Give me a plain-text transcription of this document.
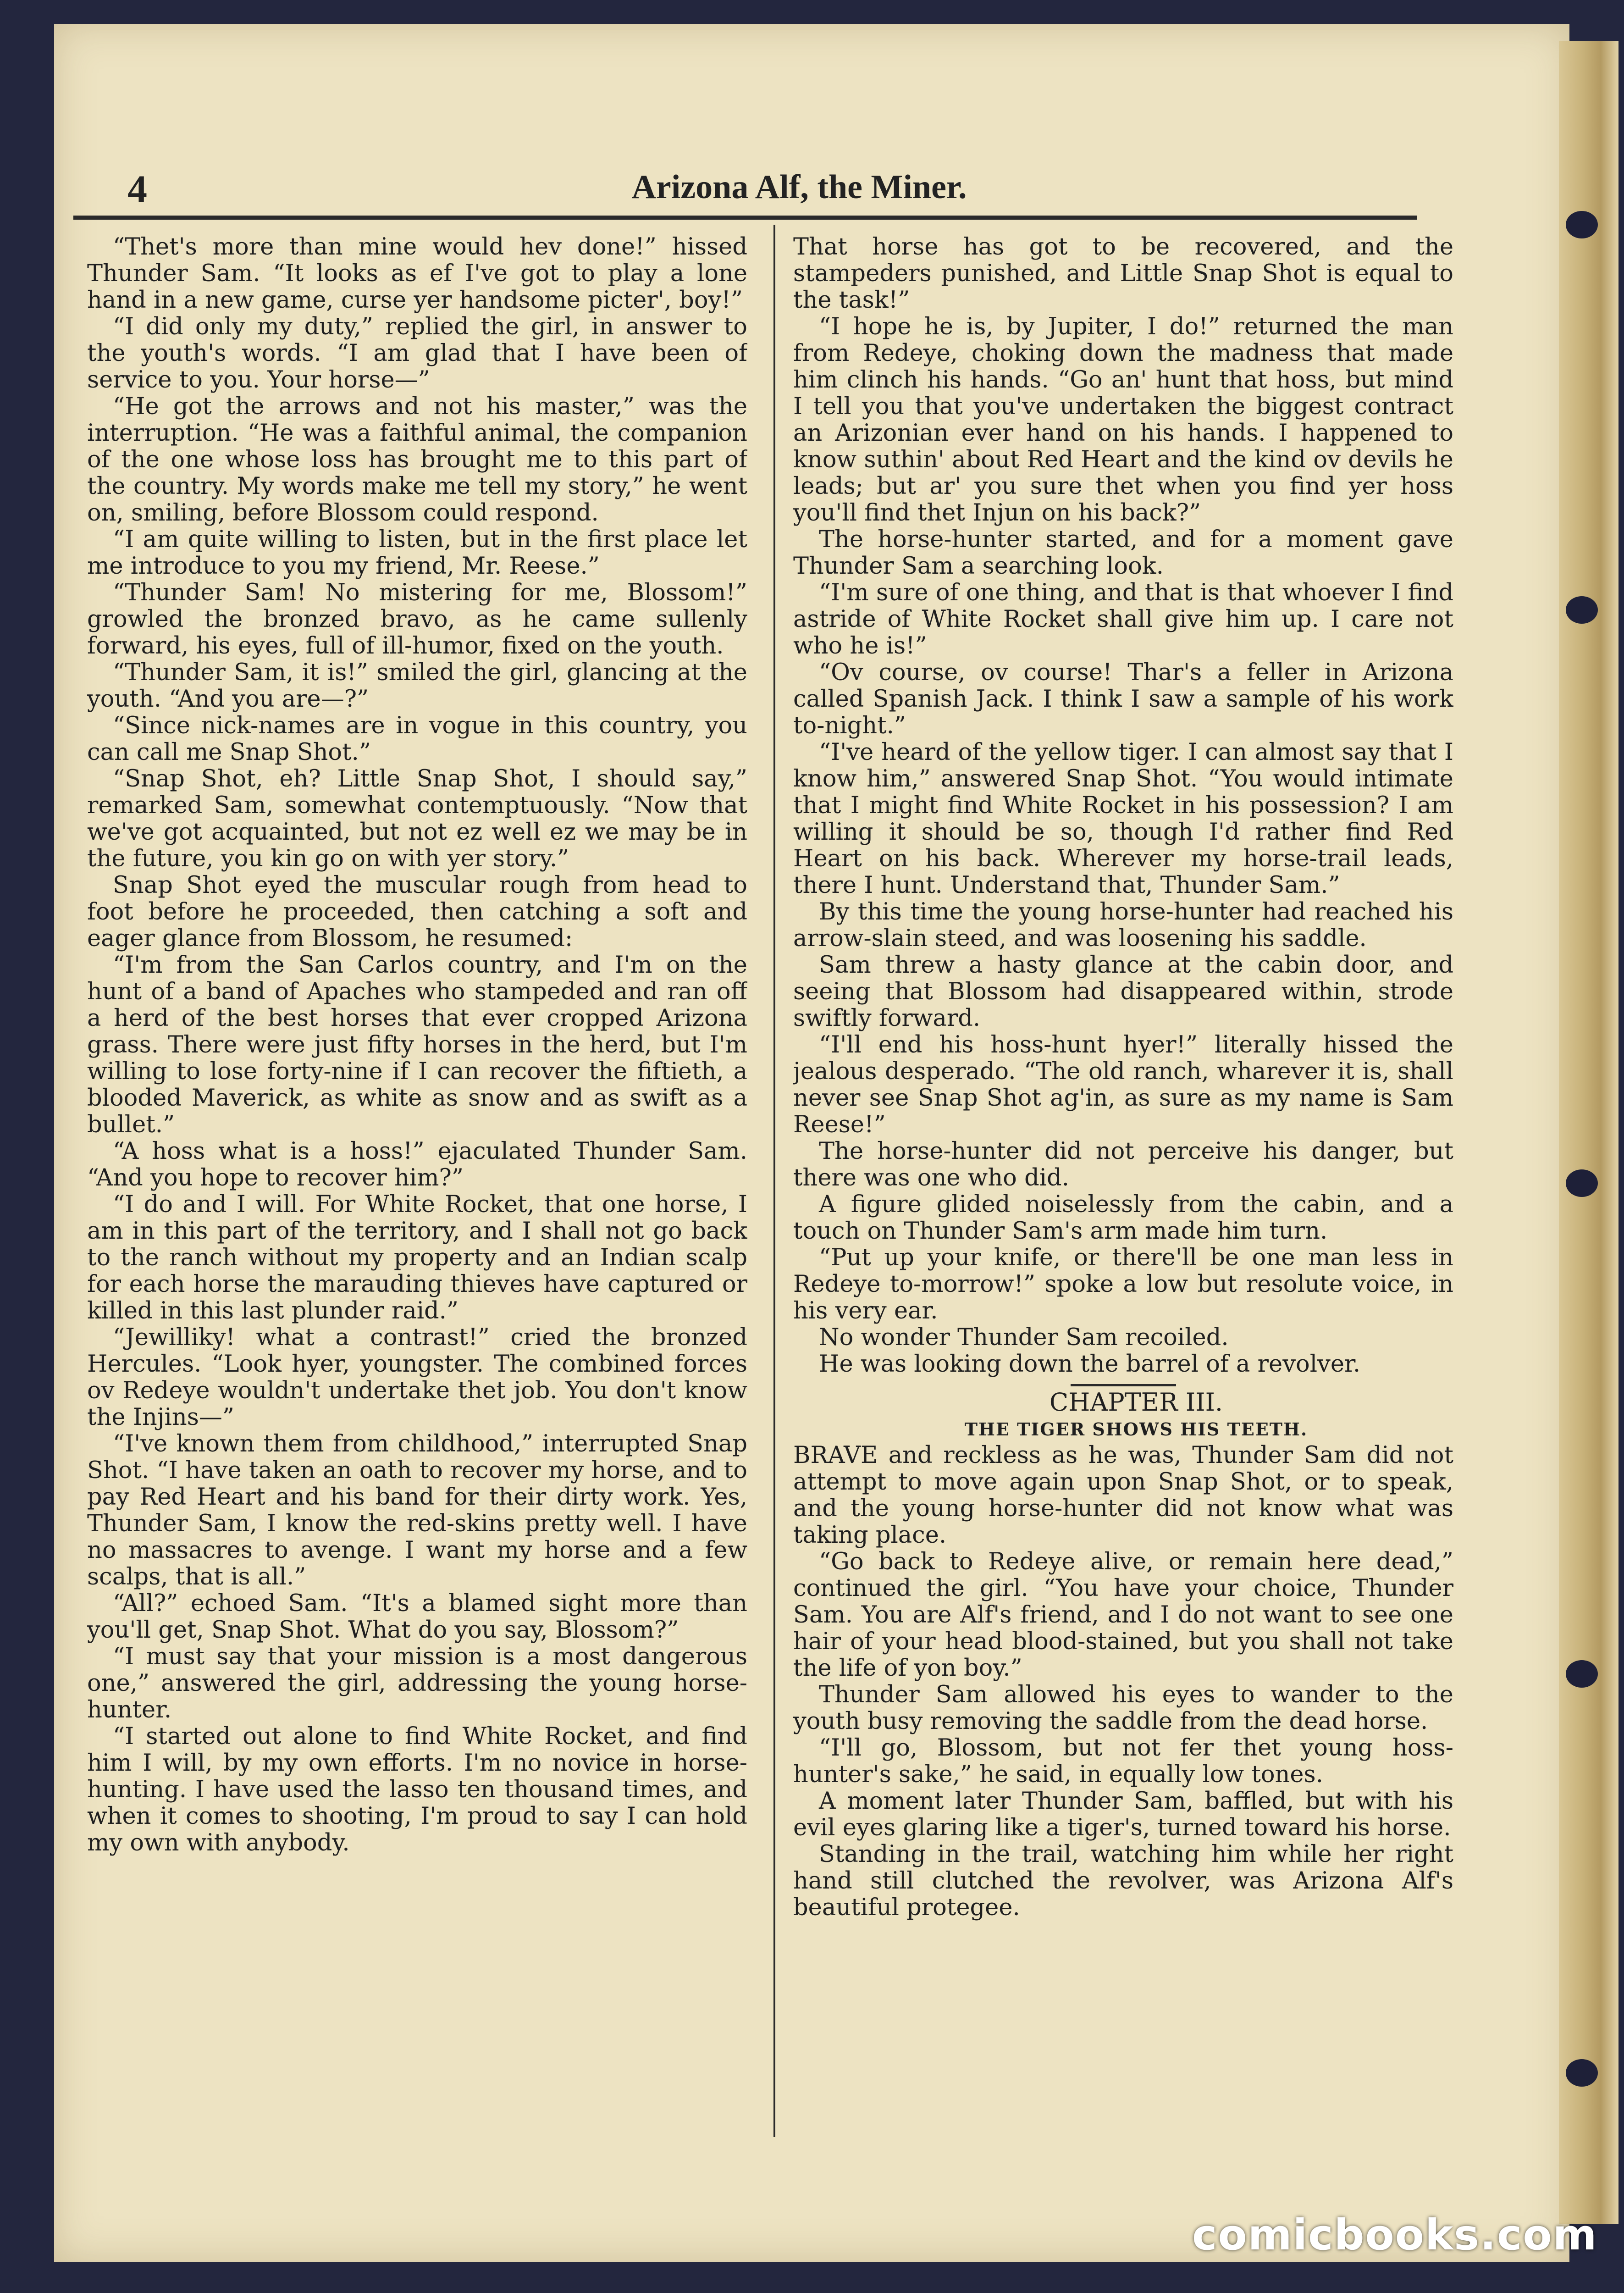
4	Arizona Alf, the Miner.

“Thet's more than mine would hev done!” hissed Thunder Sam. “It looks as ef I've got to play a lone hand in a new game, curse yer handsome picter', boy!”

“I did only my duty,” replied the girl, in answer to the youth's words. “I am glad that I have been of service to you. Your horse—”

“He got the arrows and not his master,” was the interruption. “He was a faithful animal, the companion of the one whose loss has brought me to this part of the country. My words make me tell my story,” he went on, smiling, before Blossom could respond.

“I am quite willing to listen, but in the first place let me introduce to you my friend, Mr. Reese.”

“Thunder Sam! No mistering for me, Blossom!” growled the bronzed bravo, as he came sullenly forward, his eyes, full of ill-humor, fixed on the youth.

“Thunder Sam, it is!” smiled the girl, glancing at the youth. “And you are—?”

“Since nick-names are in vogue in this country, you can call me Snap Shot.”

“Snap Shot, eh? Little Snap Shot, I should say,” remarked Sam, somewhat contemptuously. “Now that we've got acquainted, but not ez well ez we may be in the future, you kin go on with yer story.”

Snap Shot eyed the muscular rough from head to foot before he proceeded, then catching a soft and eager glance from Blossom, he resumed:

“I'm from the San Carlos country, and I'm on the hunt of a band of Apaches who stampeded and ran off a herd of the best horses that ever cropped Arizona grass. There were just fifty horses in the herd, but I'm willing to lose forty-nine if I can recover the fiftieth, a blooded Maverick, as white as snow and as swift as a bullet.”

“A hoss what is a hoss!” ejaculated Thunder Sam. “And you hope to recover him?”

“I do and I will. For White Rocket, that one horse, I am in this part of the territory, and I shall not go back to the ranch without my property and an Indian scalp for each horse the marauding thieves have captured or killed in this last plunder raid.”

“Jewilliky! what a contrast!” cried the bronzed Hercules. “Look hyer, youngster. The combined forces ov Redeye wouldn't undertake thet job. You don't know the Injins—”

“I've known them from childhood,” interrupted Snap Shot. “I have taken an oath to recover my horse, and to pay Red Heart and his band for their dirty work. Yes, Thunder Sam, I know the red-skins pretty well. I have no massacres to avenge. I want my horse and a few scalps, that is all.”

“All?” echoed Sam. “It's a blamed sight more than you'll get, Snap Shot. What do you say, Blossom?”

“I must say that your mission is a most dangerous one,” answered the girl, addressing the young horse-hunter.

“I started out alone to find White Rocket, and find him I will, by my own efforts. I'm no novice in horse-hunting. I have used the lasso ten thousand times, and when it comes to shooting, I'm proud to say I can hold my own with anybody.

That horse has got to be recovered, and the stampeders punished, and Little Snap Shot is equal to the task!”

“I hope he is, by Jupiter, I do!” returned the man from Redeye, choking down the madness that made him clinch his hands. “Go an' hunt that hoss, but mind I tell you that you've undertaken the biggest contract an Arizonian ever hand on his hands. I happened to know suthin' about Red Heart and the kind ov devils he leads; but ar' you sure thet when you find yer hoss you'll find thet Injun on his back?”

The horse-hunter started, and for a moment gave Thunder Sam a searching look.

“I'm sure of one thing, and that is that whoever I find astride of White Rocket shall give him up. I care not who he is!”

“Ov course, ov course! Thar's a feller in Arizona called Spanish Jack. I think I saw a sample of his work to-night.”

“I've heard of the yellow tiger. I can almost say that I know him,” answered Snap Shot. “You would intimate that I might find White Rocket in his possession? I am willing it should be so, though I'd rather find Red Heart on his back. Wherever my horse-trail leads, there I hunt. Understand that, Thunder Sam.”

By this time the young horse-hunter had reached his arrow-slain steed, and was loosening his saddle.

Sam threw a hasty glance at the cabin door, and seeing that Blossom had disappeared within, strode swiftly forward.

“I'll end his hoss-hunt hyer!” literally hissed the jealous desperado. “The old ranch, wharever it is, shall never see Snap Shot ag'in, as sure as my name is Sam Reese!”

The horse-hunter did not perceive his danger, but there was one who did.

A figure glided noiselessly from the cabin, and a touch on Thunder Sam's arm made him turn.

“Put up your knife, or there'll be one man less in Redeye to-morrow!” spoke a low but resolute voice, in his very ear.

No wonder Thunder Sam recoiled.

He was looking down the barrel of a revolver.

CHAPTER III.

THE TIGER SHOWS HIS TEETH.

BRAVE and reckless as he was, Thunder Sam did not attempt to move again upon Snap Shot, or to speak, and the young horse-hunter did not know what was taking place.

“Go back to Redeye alive, or remain here dead,” continued the girl. “You have your choice, Thunder Sam. You are Alf's friend, and I do not want to see one hair of your head blood-stained, but you shall not take the life of yon boy.”

Thunder Sam allowed his eyes to wander to the youth busy removing the saddle from the dead horse.

“I'll go, Blossom, but not fer thet young hoss-hunter's sake,” he said, in equally low tones.

A moment later Thunder Sam, baffled, but with his evil eyes glaring like a tiger's, turned toward his horse.

Standing in the trail, watching him while her right hand still clutched the revolver, was Arizona Alf's beautiful protegee.

comicbooks.com
